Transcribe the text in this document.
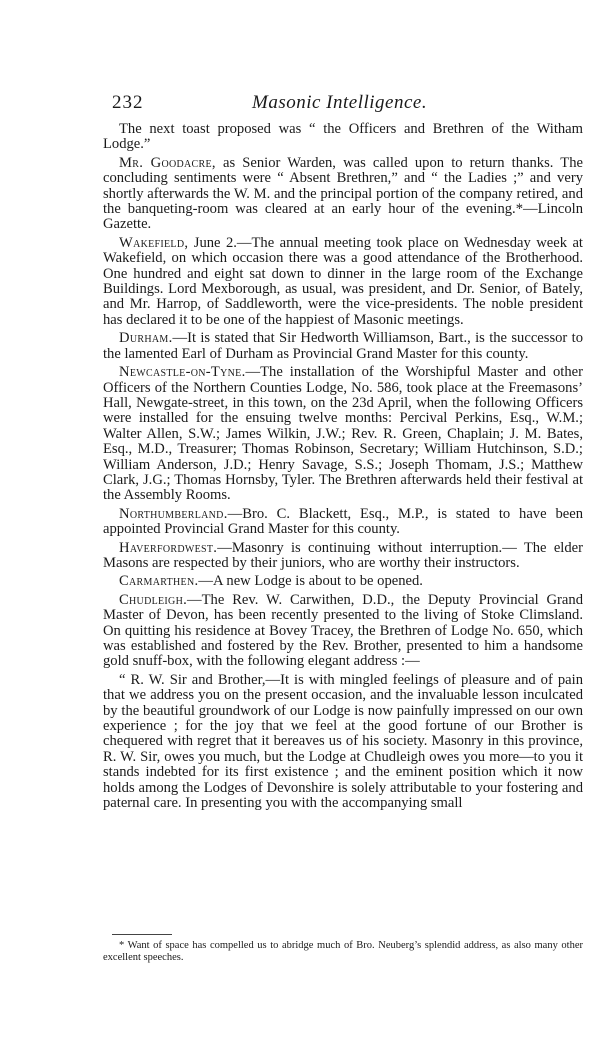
232	Masonic Intelligence.

The next toast proposed was “ the Officers and Brethren of the Witham Lodge.”

Mr. Goodacre, as Senior Warden, was called upon to return thanks. The concluding sentiments were “ Absent Brethren,” and “ the Ladies ;” and very shortly afterwards the W. M. and the principal portion of the company retired, and the banqueting-room was cleared at an early hour of the evening.*—Lincoln Gazette.

Wakefield, June 2.—The annual meeting took place on Wednesday week at Wakefield, on which occasion there was a good attendance of the Brotherhood. One hundred and eight sat down to dinner in the large room of the Exchange Buildings. Lord Mexborough, as usual, was president, and Dr. Senior, of Bately, and Mr. Harrop, of Saddleworth, were the vice-presidents. The noble president has declared it to be one of the happiest of Masonic meetings.

Durham.—It is stated that Sir Hedworth Williamson, Bart., is the successor to the lamented Earl of Durham as Provincial Grand Master for this county.

Newcastle-on-Tyne.—The installation of the Worshipful Master and other Officers of the Northern Counties Lodge, No. 586, took place at the Freemasons’ Hall, Newgate-street, in this town, on the 23d April, when the following Officers were installed for the ensuing twelve months: Percival Perkins, Esq., W.M.; Walter Allen, S.W.; James Wilkin, J.W.; Rev. R. Green, Chaplain; J. M. Bates, Esq., M.D., Treasurer; Thomas Robinson, Secretary; William Hutchinson, S.D.; William Anderson, J.D.; Henry Savage, S.S.; Joseph Thomam, J.S.; Matthew Clark, J.G.; Thomas Hornsby, Tyler. The Brethren afterwards held their festival at the Assembly Rooms.

Northumberland.—Bro. C. Blackett, Esq., M.P., is stated to have been appointed Provincial Grand Master for this county.

Haverfordwest.—Masonry is continuing without interruption.— The elder Masons are respected by their juniors, who are worthy their instructors.

Carmarthen.—A new Lodge is about to be opened.

Chudleigh.—The Rev. W. Carwithen, D.D., the Deputy Provincial Grand Master of Devon, has been recently presented to the living of Stoke Climsland. On quitting his residence at Bovey Tracey, the Brethren of Lodge No. 650, which was established and fostered by the Rev. Brother, presented to him a handsome gold snuff-box, with the following elegant address :—

“ R. W. Sir and Brother,—It is with mingled feelings of pleasure and of pain that we address you on the present occasion, and the invaluable lesson inculcated by the beautiful groundwork of our Lodge is now painfully impressed on our own experience ; for the joy that we feel at the good fortune of our Brother is chequered with regret that it bereaves us of his society. Masonry in this province, R. W. Sir, owes you much, but the Lodge at Chudleigh owes you more—to you it stands indebted for its first existence ; and the eminent position which it now holds among the Lodges of Devonshire is solely attributable to your fostering and paternal care. In presenting you with the accompanying small

* Want of space has compelled us to abridge much of Bro. Neuberg’s splendid address, as also many other excellent speeches.
